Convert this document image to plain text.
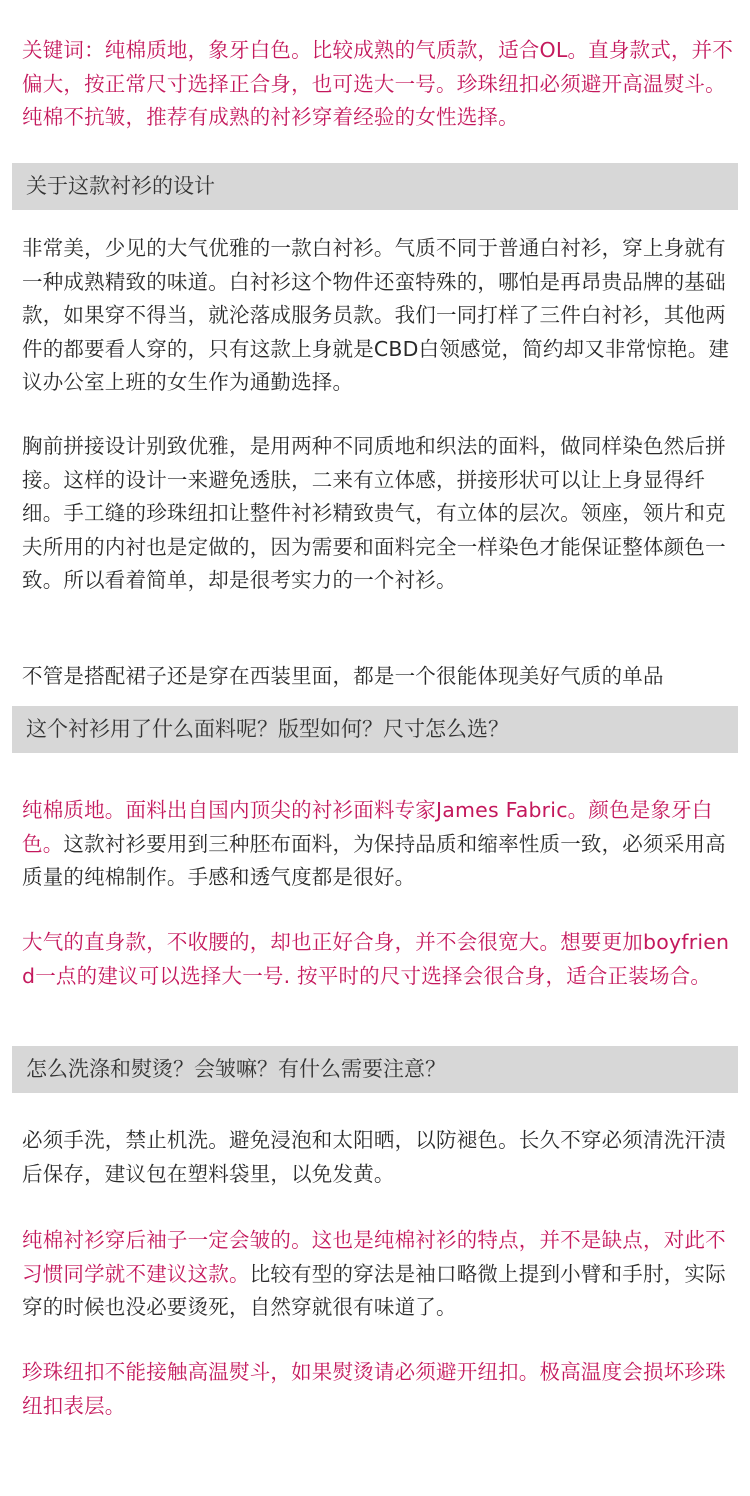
关键词：纯棉质地，象牙白色。比较成熟的气质款，适合OL。直身款式，并不偏大，按正常尺寸选择正合身，也可选大一号。珍珠纽扣必须避开高温熨斗。纯棉不抗皱，推荐有成熟的衬衫穿着经验的女性选择。

关于这款衬衫的设计

非常美，少见的大气优雅的一款白衬衫。气质不同于普通白衬衫，穿上身就有一种成熟精致的味道。白衬衫这个物件还蛮特殊的，哪怕是再昂贵品牌的基础款，如果穿不得当，就沦落成服务员款。我们一同打样了三件白衬衫，其他两件的都要看人穿的，只有这款上身就是CBD白领感觉，简约却又非常惊艳。建议办公室上班的女生作为通勤选择。

胸前拼接设计别致优雅，是用两种不同质地和织法的面料，做同样染色然后拼接。这样的设计一来避免透肤，二来有立体感，拼接形状可以让上身显得纤细。手工缝的珍珠纽扣让整件衬衫精致贵气，有立体的层次。领座，领片和克夫所用的内衬也是定做的，因为需要和面料完全一样染色才能保证整体颜色一致。所以看着简单，却是很考实力的一个衬衫。

不管是搭配裙子还是穿在西装里面，都是一个很能体现美好气质的单品

这个衬衫用了什么面料呢？版型如何？尺寸怎么选？

纯棉质地。面料出自国内顶尖的衬衫面料专家James Fabric。颜色是象牙白色。这款衬衫要用到三种胚布面料，为保持品质和缩率性质一致，必须采用高质量的纯棉制作。手感和透气度都是很好。

大气的直身款，不收腰的，却也正好合身，并不会很宽大。想要更加boyfriend一点的建议可以选择大一号. 按平时的尺寸选择会很合身，适合正装场合。

怎么洗涤和熨烫？会皱嘛？有什么需要注意？

必须手洗，禁止机洗。避免浸泡和太阳晒，以防褪色。长久不穿必须清洗汗渍后保存，建议包在塑料袋里，以免发黄。

纯棉衬衫穿后袖子一定会皱的。这也是纯棉衬衫的特点，并不是缺点，对此不习惯同学就不建议这款。比较有型的穿法是袖口略微上提到小臂和手肘，实际穿的时候也没必要烫死，自然穿就很有味道了。

珍珠纽扣不能接触高温熨斗，如果熨烫请必须避开纽扣。极高温度会损坏珍珠纽扣表层。
